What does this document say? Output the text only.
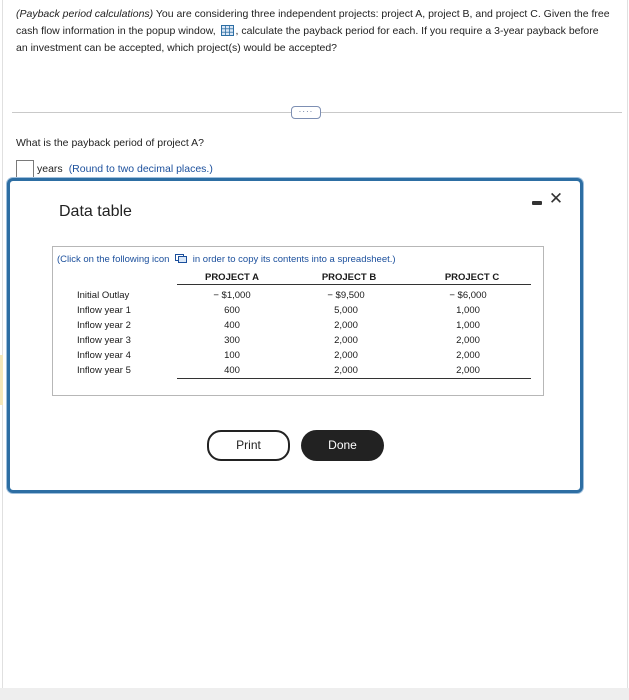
(Payback period calculations) You are considering three independent projects: project A, project B, and project C. Given the free cash flow information in the popup window, , calculate the payback period for each. If you require a 3-year payback before an investment can be accepted, which project(s) would be accepted?
····
What is the payback period of project A?
years (Round to two decimal places.)
Data table
✕
(Click on the following icon in order to copy its contents into a spreadsheet.)
	PROJECT A	PROJECT B	PROJECT C
Initial Outlay	− $1,000	− $9,500	− $6,000
Inflow year 1	600	5,000	1,000
Inflow year 2	400	2,000	1,000
Inflow year 3	300	2,000	2,000
Inflow year 4	100	2,000	2,000
Inflow year 5	400	2,000	2,000
Print	Done
